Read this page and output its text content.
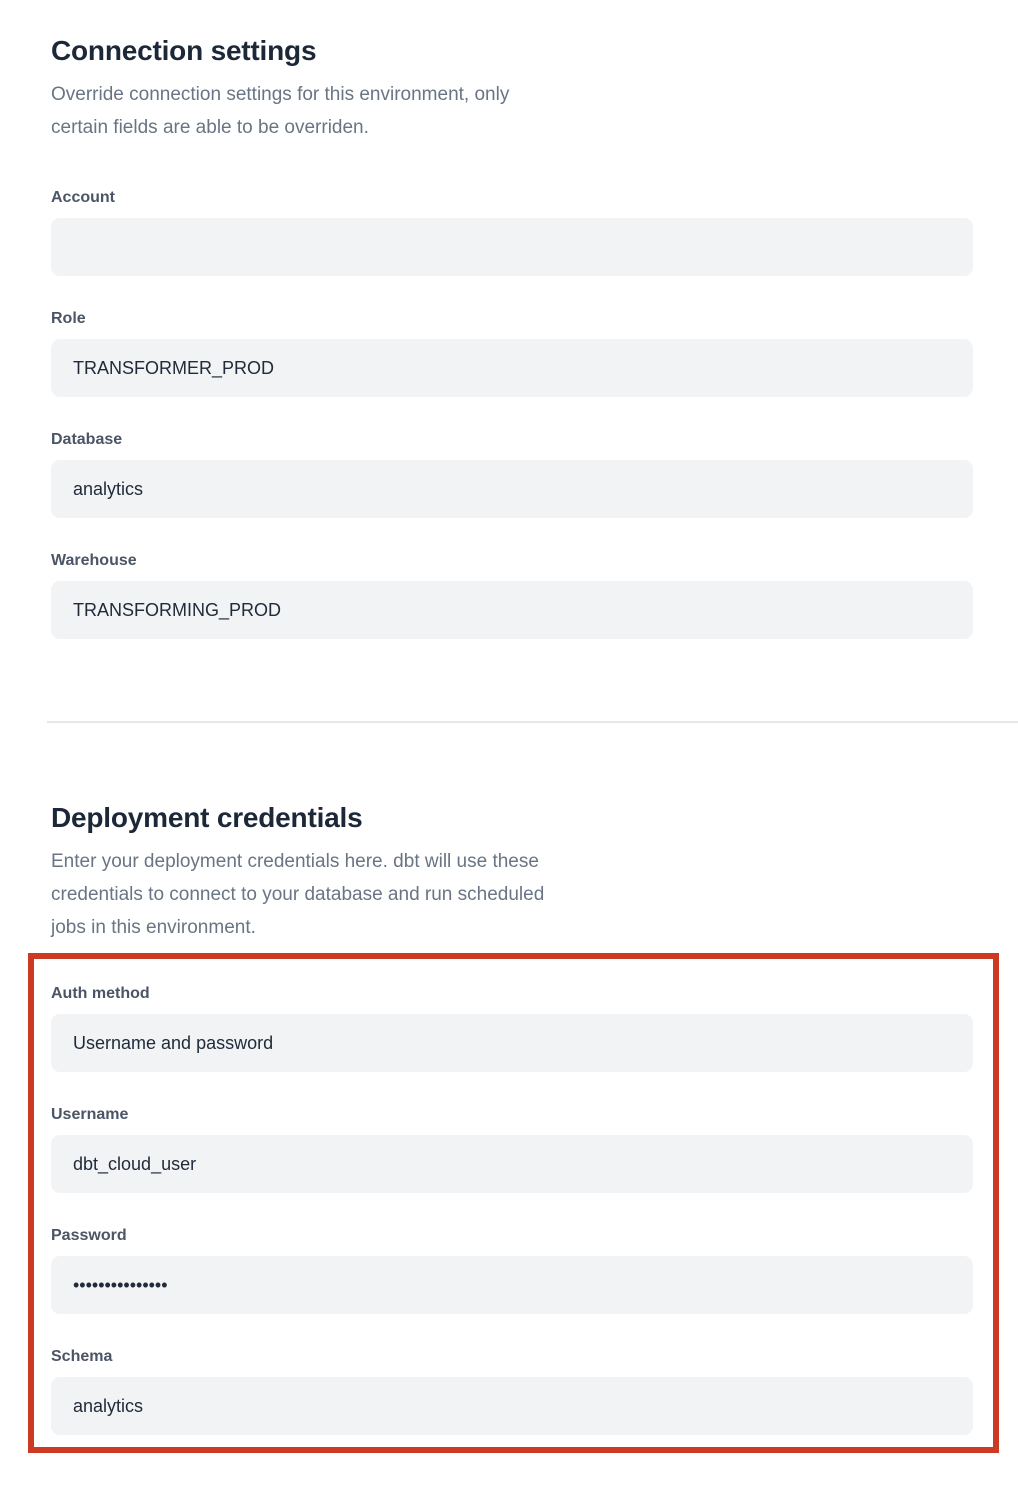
Connection settings

Override connection settings for this environment, only certain fields are able to be overriden.

Account
Role
TRANSFORMER_PROD
Database
analytics
Warehouse
TRANSFORMING_PROD
Deployment credentials

Enter your deployment credentials here. dbt will use these credentials to connect to your database and run scheduled jobs in this environment.

Auth method
Username and password
Username
dbt_cloud_user
Password
•••••••••••••••
Schema
analytics
